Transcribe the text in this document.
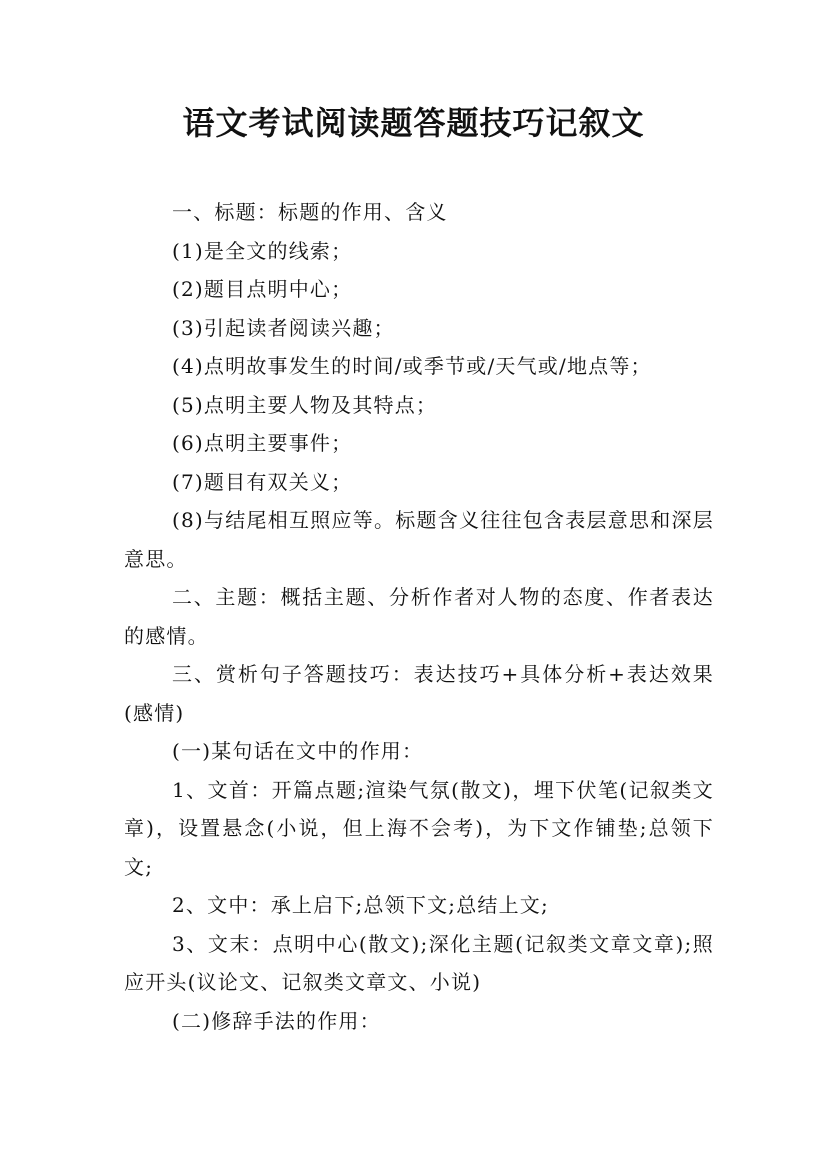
语文考试阅读题答题技巧记叙文

一、标题：标题的作用、含义

(1)是全文的线索；

(2)题目点明中心；

(3)引起读者阅读兴趣；

(4)点明故事发生的时间/或季节或/天气或/地点等；

(5)点明主要人物及其特点；

(6)点明主要事件；

(7)题目有双关义；

(8)与结尾相互照应等。标题含义往往包含表层意思和深层意思。

二、主题：概括主题、分析作者对人物的态度、作者表达的感情。

三、赏析句子答题技巧：表达技巧+具体分析+表达效果(感情)

(一)某句话在文中的作用：

1、文首：开篇点题;渲染气氛(散文)，埋下伏笔(记叙类文章)，设置悬念(小说，但上海不会考)，为下文作铺垫;总领下文;

2、文中：承上启下;总领下文;总结上文;

3、文末：点明中心(散文);深化主题(记叙类文章文章);照应开头(议论文、记叙类文章文、小说)

(二)修辞手法的作用：
